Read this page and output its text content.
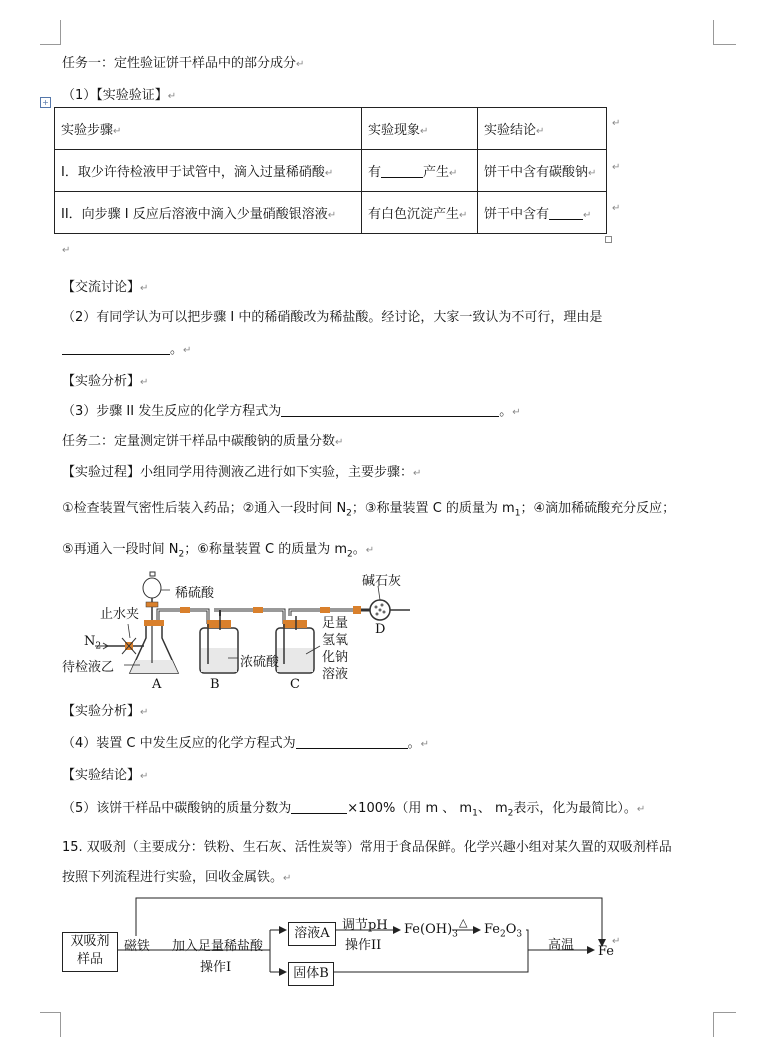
任务一：定性验证饼干样品中的部分成分↵
（1）【实验验证】↵
+
实验步骤↵	实验现象↵	实验结论↵
I．取少许待检液甲于试管中，滴入过量稀硝酸↵	有 产生↵	饼干中含有碳酸钠↵
II．向步骤 I 反应后溶液中滴入少量硝酸银溶液↵	有白色沉淀产生↵	饼干中含有 ↵
↵
↵
↵
↵
【交流讨论】↵
（2）有同学认为可以把步骤 I 中的稀硝酸改为稀盐酸。经讨论，大家一致认为不可行，理由是
。↵
【实验分析】↵
（3）步骤 II 发生反应的化学方程式为	。↵
任务二：定量测定饼干样品中碳酸钠的质量分数↵
【实验过程】小组同学用待测液乙进行如下实验，主要步骤：↵
①检查装置气密性后装入药品；②通入一段时间 $N_2$；③称量装置 C 的质量为 $m_1$；④滴加稀硫酸充分反应；
⑤再通入一段时间 $N_2$；⑥称量装置 C 的质量为 $m_2$。↵
稀硫酸
碱石灰
止水夹
$N_2$
待检液乙	浓硫酸
足量
氢氧
化钠
溶液
A	B	C
D
【实验分析】↵
（4）装置 C 中发生反应的化学方程式为	。↵
【实验结论】↵
（5）该饼干样品中碳酸钠的质量分数为	×100%（用 m 、 $m_1$、 $m_2$表示，化为最简比）。↵
15. 双吸剂（主要成分：铁粉、生石灰、活性炭等）常用于食品保鲜。化学兴趣小组对某久置的双吸剂样品
按照下列流程进行实验，回收金属铁。↵
双吸剂
样品
磁铁 加入足量稀盐酸
操作I
溶液A
固体B
调节pH
操作II
$Fe(OH)_3$
△ $Fe_2O_3$
高温 Fe
↵
